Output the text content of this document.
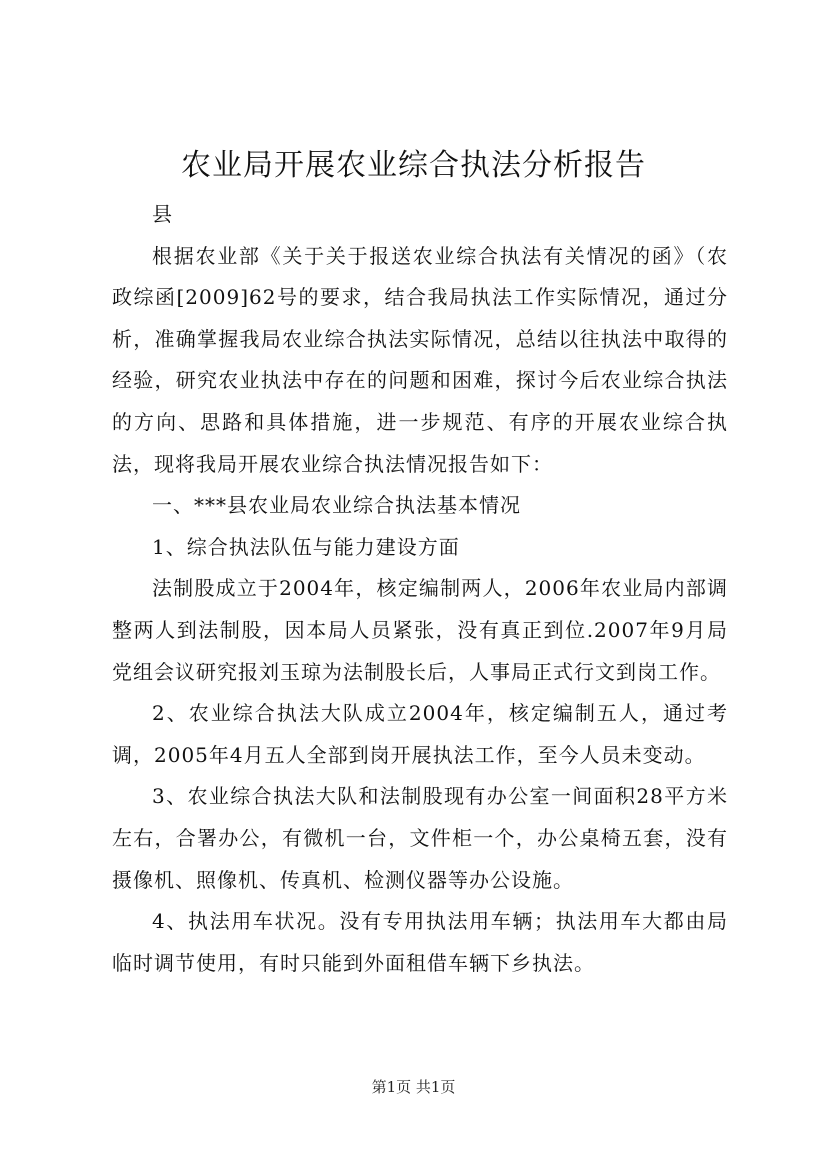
农业局开展农业综合执法分析报告

县

根据农业部《关于关于报送农业综合执法有关情况的函》（农政综函[2009]62号的要求，结合我局执法工作实际情况，通过分析，准确掌握我局农业综合执法实际情况，总结以往执法中取得的经验，研究农业执法中存在的问题和困难，探讨今后农业综合执法的方向、思路和具体措施，进一步规范、有序的开展农业综合执法，现将我局开展农业综合执法情况报告如下：

一、***县农业局农业综合执法基本情况

1、综合执法队伍与能力建设方面

法制股成立于2004年，核定编制两人，2006年农业局内部调整两人到法制股，因本局人员紧张，没有真正到位.2007年9月局党组会议研究报刘玉琼为法制股长后，人事局正式行文到岗工作。

2、农业综合执法大队成立2004年，核定编制五人，通过考调，2005年4月五人全部到岗开展执法工作，至今人员未变动。

3、农业综合执法大队和法制股现有办公室一间面积28平方米左右，合署办公，有微机一台，文件柜一个，办公桌椅五套，没有摄像机、照像机、传真机、检测仪器等办公设施。

4、执法用车状况。没有专用执法用车辆；执法用车大都由局临时调节使用，有时只能到外面租借车辆下乡执法。

第1页 共1页
